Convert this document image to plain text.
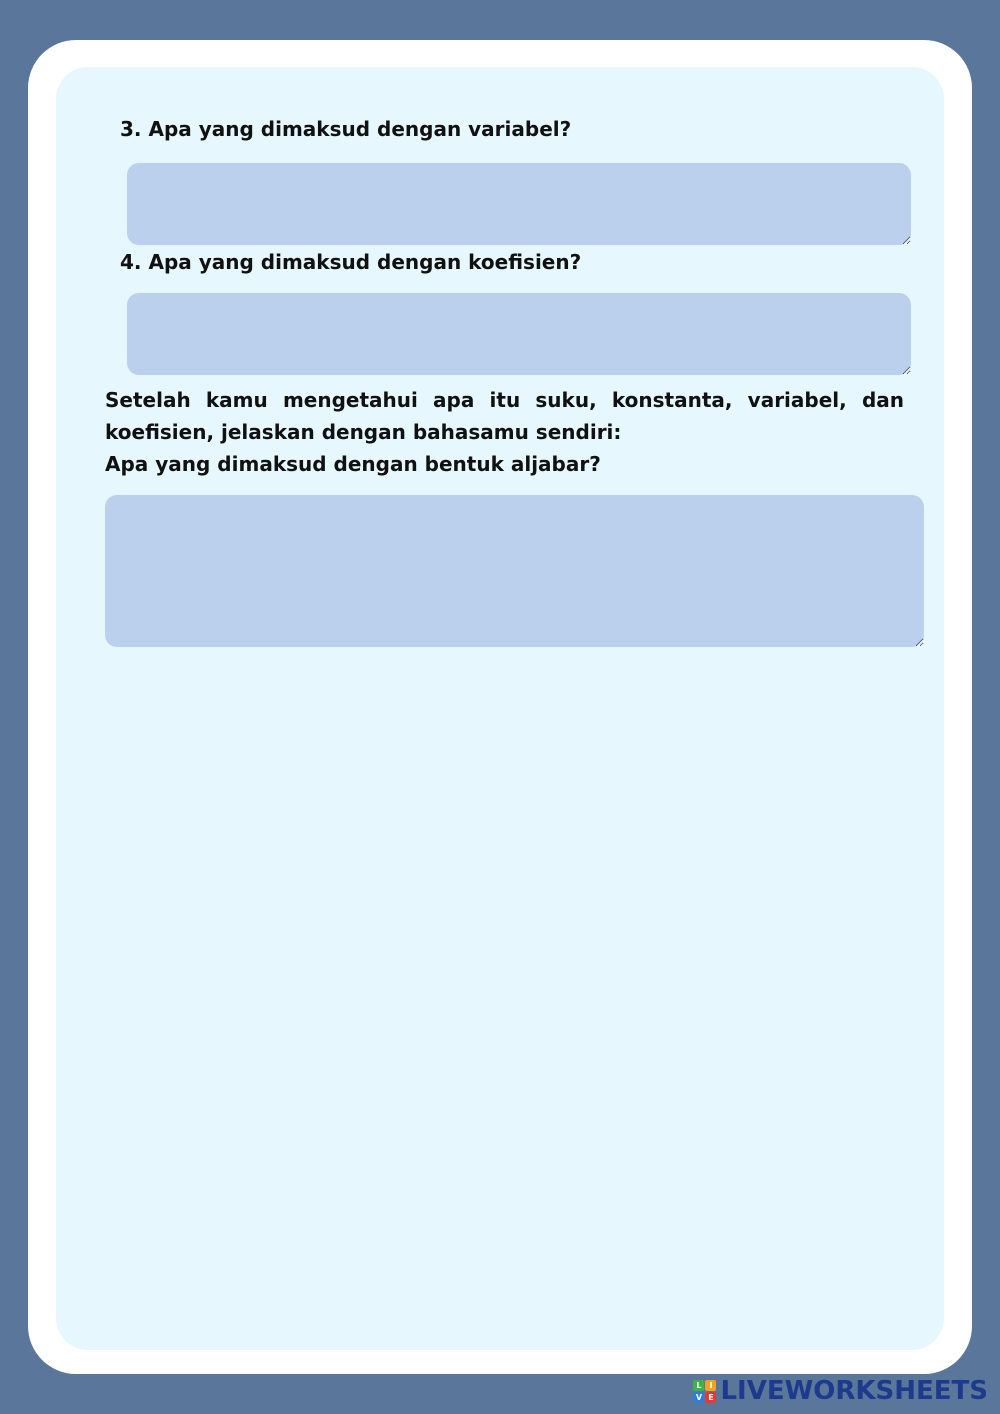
3. Apa yang dimaksud dengan variabel?
4. Apa yang dimaksud dengan koefisien?
Setelah kamu mengetahui apa itu suku, konstanta, variabel, dan
koefisien, jelaskan dengan bahasamu sendiri:
Apa yang dimaksud dengan bentuk aljabar?
L I
V E LIVEWORKSHEETS
